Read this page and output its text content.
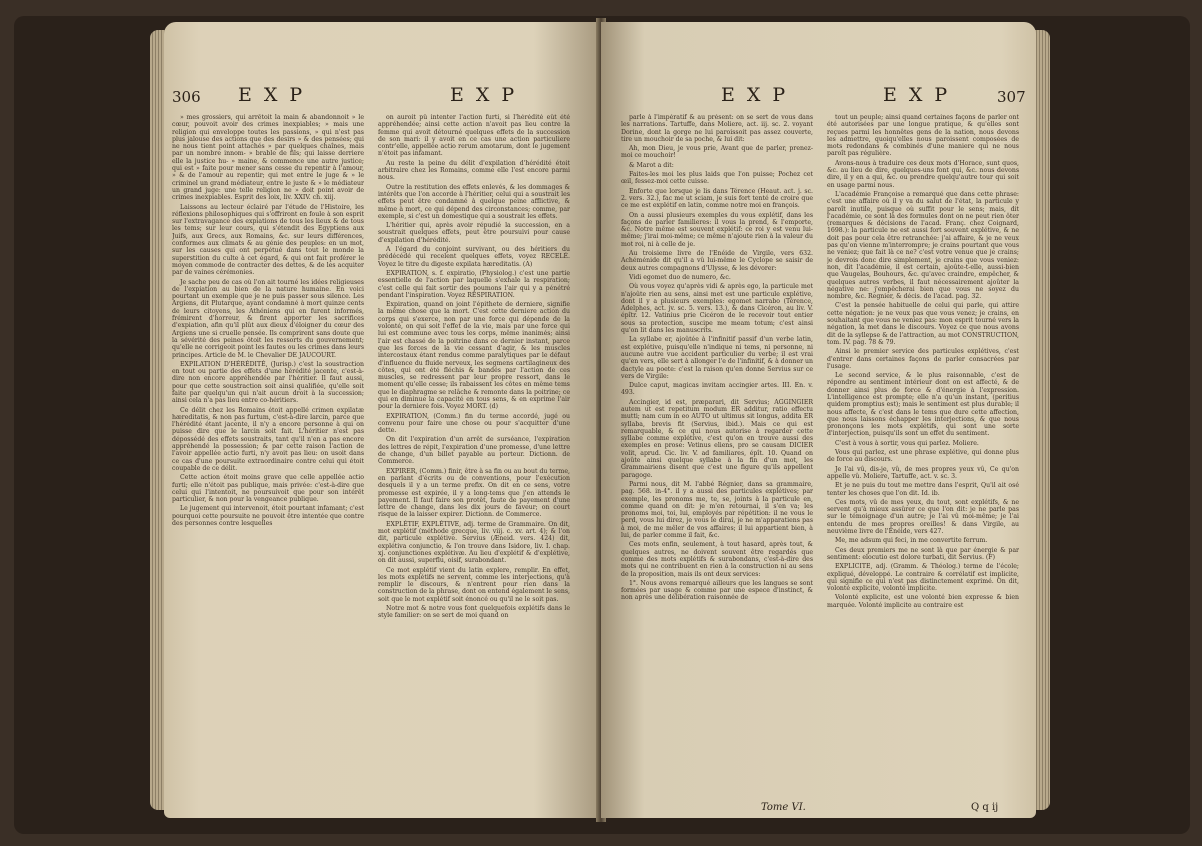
306 EXP	EXP

» mes grossiers, qui arrêtoit la main & abandonnoit » le cœur, pouvoit avoir des crimes inexpiables; » mais une religion qui enveloppe toutes les passions, » qui n'est pas plus jalouse des actions que des desirs » & des pensées; qui ne nous tient point attachés » par quelques chaînes, mais par un nombre innom- » brable de fils; qui laisse derriere elle la justice hu- » maine, & commence une autre justice; qui est » faite pour mener sans cesse du repentir à l'amour, » & de l'amour au repentir; qui met entre le juge & » le criminel un grand médiateur, entre le juste & » le médiateur un grand juge: une telle religion ne » doit point avoir de crimes inexpiables. Esprit des loix, liv. XXIV. ch. xiij.

Laissons au lecteur éclairé par l'étude de l'Histoire, les réflexions philosophiques qui s'offriront en foule à son esprit sur l'extravagance des expiations de tous les lieux & de tous les tems; sur leur cours, qui s'étendit des Egyptiens aux Juifs, aux Grecs, aux Romains, &c. sur leurs différences, conformes aux climats & au génie des peuples: en un mot, sur les causes qui ont perpétué dans tout le monde la superstition du culte à cet égard, & qui ont fait proférer le moyen commode de contracter des dettes, & de les acquiter par de vaines cérémonies.

Je sache peu de cas où l'on ait tourné les idées religieuses de l'expiation au bien de la nature humaine. En voici pourtant un exemple que je ne puis passer sous silence. Les Argiens, dit Plutarque, ayant condamné à mort quinze cents de leurs citoyens, les Athéniens qui en furent informés, frémirent d'horreur, & firent apporter les sacrifices d'expiation, afin qu'il plût aux dieux d'éloigner du cœur des Argiens une si cruelle pensée. Ils comprirent sans doute que la sévérité des peines ôtoit les ressorts du gouvernement; qu'elle ne corrigeoit point les fautes ou les crimes dans leurs principes. Article de M. le Chevalier DE JAUCOURT.

EXPILATION D'HÉRÉDITÉ, (Jurisp.) c'est la soustraction en tout ou partie des effets d'une hérédité jacente, c'est-à-dire non encore appréhendée par l'héritier. Il faut aussi, pour que cette soustraction soit ainsi qualifiée, qu'elle soit faite par quelqu'un qui n'ait aucun droit à la succession; ainsi cela n'a pas lieu entre co-héritiers.

Ce délit chez les Romains étoit appellé crimen expilatæ hæreditatis, & non pas furtum, c'est-à-dire larcin, parce que l'hérédité étant jacente, il n'y a encore personne à qui on puisse dire que le larcin soit fait. L'héritier n'est pas dépossédé des effets soustraits, tant qu'il n'en a pas encore appréhendé la possession; & par cette raison l'action de l'avoir appellée actio furti, n'y avoit pas lieu: on usoit dans ce cas d'une poursuite extraordinaire contre celui qui étoit coupable de ce délit.

Cette action étoit moins grave que celle appellée actio furti; elle n'étoit pas publique, mais privée: c'est-à-dire que celui qui l'intentoit, ne poursuivoit que pour son intérêt particulier, & non pour la vengeance publique.

Le jugement qui intervenoit, étoit pourtant infamant; c'est pourquoi cette poursuite ne pouvoit être intentée que contre des personnes contre lesquelles

on auroit pû intenter l'action furti, si l'hérédité eût été appréhendée; ainsi cette action n'avoit pas lieu contre la femme qui avoit détourné quelques effets de la succession de son mari: il y avoit en ce cas une action particuliere contr'elle, appellée actio rerum amotarum, dont le jugement n'étoit pas infamant.

Au reste la peine du délit d'expilation d'hérédité étoit arbitraire chez les Romains, comme elle l'est encore parmi nous.

Outre la restitution des effets enlevés, & les dommages & intérêts que l'on accorde à l'héritier, celui qui a soustrait les effets peut être condamné à quelque peine afflictive, & même à mort, ce qui dépend des circonstances; comme, par exemple, si c'est un domestique qui a soustrait les effets.

L'héritier qui, après avoir répudié la succession, en a soustrait quelques effets, peut être poursuivi pour cause d'expilation d'hérédité.

A l'égard du conjoint survivant, ou des héritiers du prédécédé qui recelent quelques effets, voyez RECELÉ. Voyez le titre du digeste expilata hæreditatis. (A)

EXPIRATION, s. f. expiratio, (Physiolog.) c'est une partie essentielle de l'action par laquelle s'exhale la respiration; c'est celle qui fait sortir des poumons l'air qui y a pénétré pendant l'inspiration. Voyez RESPIRATION.

Expiration, quand on joint l'épithete de derniere, signifie la même chose que la mort. C'est cette derniere action du corps qui s'exerce, non par une force qui dépende de la volonté, on qui soit l'effet de la vie, mais par une force qui lui est commune avec tous les corps, même inanimés; ainsi l'air est chassé de la poitrine dans ce dernier instant, parce que les forces de la vie cessant d'agir, & les muscles intercostaux étant rendus comme paralytiques par le défaut d'influence du fluide nerveux, les segmens cartilagineux des côtes, qui ont été fléchis & bandés par l'action de ces muscles, se redressent par leur propre ressort, dans le moment qu'elle cesse; ils rabaissent les côtes en même tems que le diaphragme se relâche & remonte dans la poitrine; ce qui en diminue la capacité en tous sens, & en exprime l'air pour la derniere fois. Voyez MORT. (d)

EXPIRATION, (Comm.) fin du terme accordé, jugé ou convenu pour faire une chose ou pour s'acquitter d'une dette.

On dit l'expiration d'un arrêt de surséance, l'expiration des lettres de répit, l'expiration d'une promesse, d'une lettre de change, d'un billet payable au porteur. Dictionn. de Commerce.

EXPIRER, (Comm.) finir, être à sa fin ou au bout du terme, en parlant d'écrits ou de conventions, pour l'exécution desquels il y a un terme prefix. On dit en ce sens, votre promesse est expirée, il y a long-tems que j'en attends le payement. Il faut faire son protêt, faute de payement d'une lettre de change, dans les dix jours de faveur; on court risque de la laisser expirer. Dictionn. de Commerce.

EXPLÉTIF, EXPLÉTIVE, adj. terme de Grammaire. On dit, mot explétif (méthode grecque, liv. viij. c. xv. art. 4); & l'on dit, particule explétive. Servius (Æneid. vers. 424) dit, explétiva conjunctio, & l'on trouve dans Isidore, liv. I. chap. xj. conjunctiones explétivæ. Au lieu d'explétif & d'explétive, on dit aussi, superflu, oisif, surabondant.

Ce mot explétif vient du latin explere, remplir. En effet, les mots explétifs ne servent, comme les interjections, qu'à remplir le discours, & n'entrent pour rien dans la construction de la phrase, dont on entend également le sens, soit que le mot explétif soit énoncé ou qu'il ne le soit pas.

Notre mot & notre vous font quelquefois explétifs dans le style familier: on se sert de moi quand on

EXP	EXP	307

parle à l'impératif & au présent: on se sert de vous dans les narrations. Tartuffe, dans Moliere, act. iij. sc. 2. voyant Dorine, dont la gorge ne lui paroissoit pas assez couverte, tire un mouchoir de sa poche, & lui dit:

Ah, mon Dieu, je vous prie, Avant que de parler, prenez-moi ce mouchoir!

& Marot a dit:

Faites-les moi les plus laids que l'on puisse; Pochez cet œil, fessez-moi cette cuisse.

Enforte que lorsque je lis dans Térence (Heaut. act. j. sc. 2. vers. 32.), fac me ut sciam, je suis fort tenté de croire que ce me est explétif en latin, comme notre moi en françois.

On a aussi plusieurs exemples du vous explétif, dans les façons de parler familieres: il vous la prend, & l'emporte, &c. Notre même est souvent explétif: ce roi y est venu lui-même; j'irai moi-même; ce même n'ajoute rien à la valeur du mot roi, ni à celle de je.

Au troisieme livre de l'Enéide de Virgile, vers 632. Achéménide dit qu'il a vû lui-même le Cyclope se saisir de deux autres compagnons d'Ulysse, & les dévorer:

Vidi egomet duo de numero, &c.

Où vous voyez qu'après vidi & après ego, la particule met n'ajoûte rien au sens, ainsi met est une particule explétive, dont il y a plusieurs exemples: egomet narrabo (Térence, Adelphes, act. jv. sc. 5. vers. 13.), & dans Cicéron, au liv. V. épîtr. 12. Vatinius prie Cicéron de le recevoir tout entier sous sa protection, suscipe me meam totum; c'est ainsi qu'on lit dans les manuscrits.

La syllabe er, ajoûtée à l'infinitif passif d'un verbe latin, est explétive, puisqu'elle n'indique ni tems, ni personne, ni aucune autre vue accident particulier du verbe; il est vrai qu'en vers, elle sert à allonger l'e de l'infinitif, & à donner un dactyle au poete: c'est la raison qu'en donne Servius sur ce vers de Virgile:

Dulce caput, magicas invitam accingier artes. III. En. v. 493.

Accingier, id est, præparari, dit Servius; AGGINGIER autem ut est repetitum modum ER additur, ratio effectu mutti; nam cum in eo AUTO ut ultimus sit longus, addita ER syllaba, brevis fit (Servius, ibid.). Mais ce qui est remarquable, & ce qui nous autorise à regarder cette syllabe comme explétive, c'est qu'on en trouve aussi des exemples en prose: Vetinus eliens, pro se causam DICIER volit, aprud. Cic. liv. V. ad familiares, épît. 10. Quand on ajoûte ainsi quelque syllabe à la fin d'un mot, les Grammairiens disent que c'est une figure qu'ils appellent paragoge.

Parmi nous, dit M. l'abbé Régnier, dans sa grammaire, pag. 568. in-4°. il y a aussi des particules explétives; par exemple, les pronoms me, te, se, joints à la particule en, comme quand on dit: je m'en retournai, il s'en va; les pronoms moi, toi, lui, employés par répétition: il ne vous le perd, vous lui direz, je vous le dirai, je ne m'apparatiens pas à moi, de me mêler de vos affaires; il lui appartient bien, à lui, de parler comme il fait, &c.

Ces mots enfin, seulement, à tout hasard, après tout, & quelques autres, ne doivent souvent être regardés que comme des mots explétifs & surabondans, c'est-à-dire des mots qui ne contribuent en rien à la construction ni au sens de la proposition, mais ils ont deux services:

1°. Nous avons remarqué ailleurs que les langues se sont formées par usage & comme par une espece d'instinct, & non après une délibération raisonnée de

tout un peuple; ainsi quand certaines façons de parler ont été autorisées par une longue pratique, & qu'elles sont reçues parmi les honnêtes gens de la nation, nous devons les admettre, quoiqu'elles nous paroissent composées de mots redondans & combinés d'une maniere qui ne nous paroît pas régulière.

Avons-nous à traduire ces deux mots d'Horace, sunt quos, &c. au lieu de dire, quelques-uns font qui, &c. nous devons dire, il y en a qui, &c. ou prendre quelqu'autre tour qui soit en usage parmi nous.

L'académie Françoise a remarqué que dans cette phrase: c'est une affaire où il y va du salut de l'état, la particule y paroît inutile, puisque où suffit pour le sens; mais, dit l'académie, ce sont là des formules dont on ne peut rien ôter (remarques & décisions de l'acad. Franç. chez Coignard, 1698.): la particule ne est aussi fort souvent explétive, & ne doit pas pour cela être retranchée: j'ai affaire, & je ne veux pas qu'on vienne m'interrompre; je crains pourtant que vous ne veniez; que fait là ce ne? c'est votre venue que je crains; je devrois donc dire simplement, je crains que vous veniez: non, dit l'académie, il est certain, ajoûte-t-elle, aussi-bien que Vaugelas, Bouhours, &c. qu'avec craindre, empêcher, & quelques autres verbes, il faut nécessairement ajoûter la négative ne: j'empêcherai bien que vous ne soyez du nombre, &c. Regnier, & décis. de l'acad. pag. 32.

C'est la pensée habituelle de celui qui parle, qui attire cette négation: je ne veux pas que vous venez; je crains, en souhaitant que vous ne veniez pas: mon esprit tourné vers la négation, la met dans le discours. Voyez ce que nous avons dit de la syllepse & de l'attraction, au mot CONSTRUCTION, tom. IV. pag. 78 & 79.

Ainsi le premier service des particules explétives, c'est d'entrer dans certaines façons de parler consacrées par l'usage.

Le second service, & le plus raisonnable, c'est de répondre au sentiment intérieur dont on est affecté, & de donner ainsi plus de force & d'énergie à l'expression. L'intelligence est prompte; elle n'a qu'un instant, (peritius quidem promptius est); mais le sentiment est plus durable; il nous affecte, & c'est dans le tems que dure cette affection, que nous laissons échapper les interjections, & que nous prononçons les mots explétifs, qui sont une sorte d'interjection, puisqu'ils sont un effet du sentiment.

C'est à vous à sortir, vous qui parlez. Moliere.

Vous qui parlez, est une phrase explétive, qui donne plus de force au discours.

Je l'ai vû, dis-je, vû, de mes propres yeux vû, Ce qu'on appelle vû. Moliere, Tartuffe, act. v. sc. 3.

Et je ne puis du tout me mettre dans l'esprit, Qu'il ait osé tenter les choses que l'on dit. Id. ib.

Ces mots, vû de mes yeux, du tout, sont explétifs, & ne servent qu'à mieux assûrer ce que l'on dit: je ne parle pas sur le témoignage d'un autre; je l'ai vû moi-même; je l'ai entendu de mes propres oreilles! & dans Virgile, au neuvième livre de l'Enéide, vers 427.

Me, me adsum qui feci, in me convertite ferrum.

Ces deux premiers me ne sont là que par énergie & par sentiment: elocutio est dolore turbati, dit Servius. (F)

EXPLICITE, adj. (Gramm. & Théolog.) terme de l'école; expliqué, développé. Le contraire & corrélatif est implicite, qui signifie ce qui n'est pas distinctement exprimé. On dit, volonté explicite, volonté implicite.

Volonté explicite, est une volonté bien expresse & bien marquée. Volonté implicite au contraire est

Tome VI.	Q q ij
